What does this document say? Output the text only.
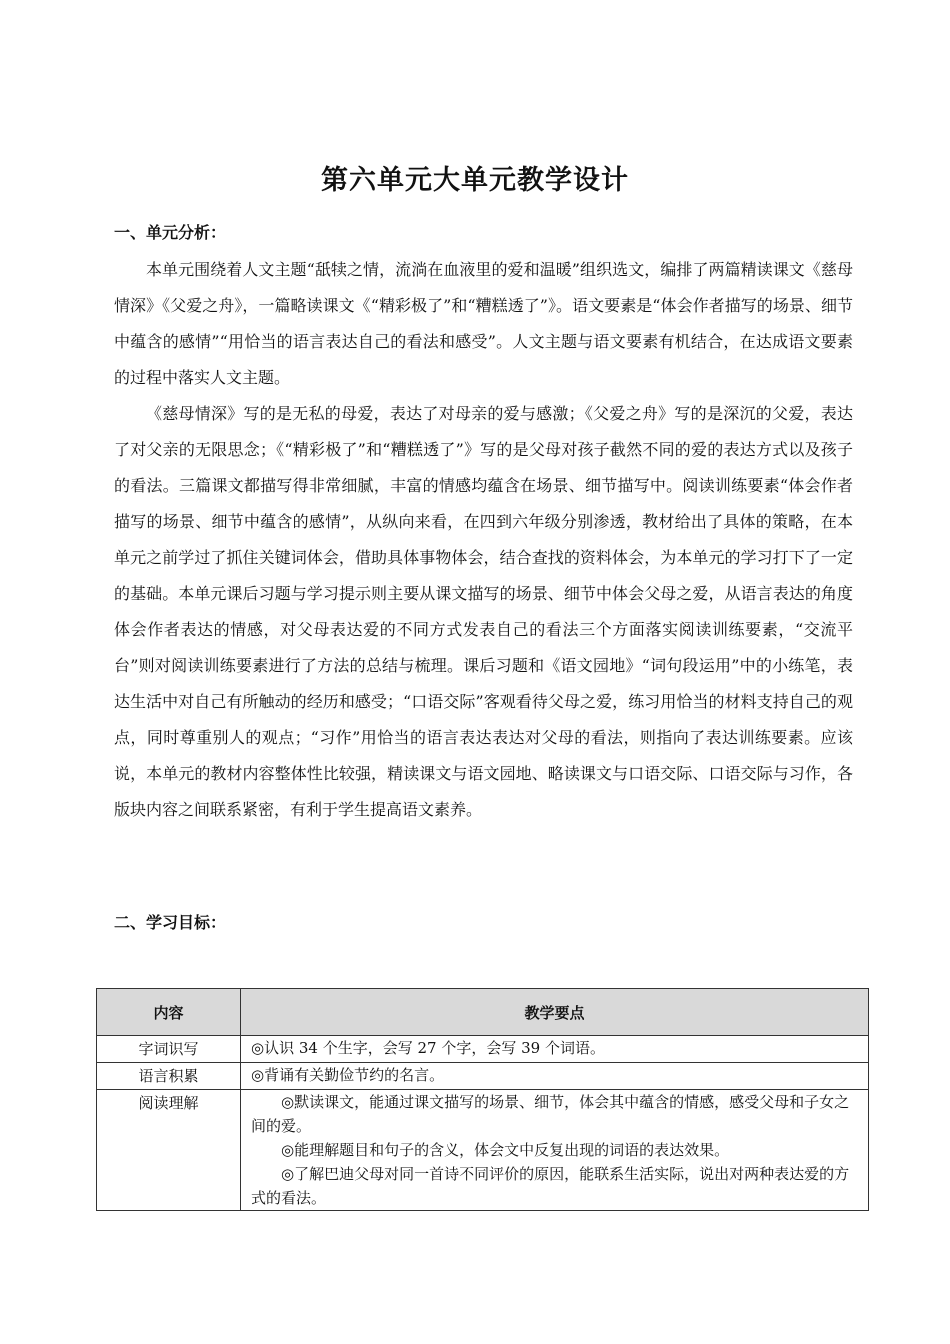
第六单元大单元教学设计
一、单元分析：

本单元围绕着人文主题“舐犊之情，流淌在血液里的爱和温暖”组织选文，编排了两篇精读课文《慈母情深》《父爱之舟》，一篇略读课文《“精彩极了”和“糟糕透了”》。语文要素是“体会作者描写的场景、细节中蕴含的感情”“用恰当的语言表达自己的看法和感受”。人文主题与语文要素有机结合，在达成语文要素的过程中落实人文主题。

《慈母情深》写的是无私的母爱，表达了对母亲的爱与感激；《父爱之舟》写的是深沉的父爱，表达了对父亲的无限思念；《“精彩极了”和“糟糕透了”》写的是父母对孩子截然不同的爱的表达方式以及孩子的看法。三篇课文都描写得非常细腻，丰富的情感均蕴含在场景、细节描写中。阅读训练要素“体会作者描写的场景、细节中蕴含的感情”，从纵向来看，在四到六年级分别渗透，教材给出了具体的策略，在本单元之前学过了抓住关键词体会，借助具体事物体会，结合查找的资料体会，为本单元的学习打下了一定的基础。本单元课后习题与学习提示则主要从课文描写的场景、细节中体会父母之爱，从语言表达的角度体会作者表达的情感，对父母表达爱的不同方式发表自己的看法三个方面落实阅读训练要素，“交流平台”则对阅读训练要素进行了方法的总结与梳理。课后习题和《语文园地》“词句段运用”中的小练笔，表达生活中对自己有所触动的经历和感受；“口语交际”客观看待父母之爱，练习用恰当的材料支持自己的观点，同时尊重别人的观点；“习作”用恰当的语言表达表达对父母的看法，则指向了表达训练要素。应该说，本单元的教材内容整体性比较强，精读课文与语文园地、略读课文与口语交际、口语交际与习作，各版块内容之间联系紧密，有利于学生提高语文素养。

二、学习目标：
内容	教学要点
字词识写	◎认识 34 个生字，会写 27 个字，会写 39 个词语。
语言积累	◎背诵有关勤俭节约的名言。
阅读理解	◎默读课文，能通过课文描写的场景、细节，体会其中蕴含的情感，感受父母和子女之间的爱。
◎能理解题目和句子的含义，体会文中反复出现的词语的表达效果。
◎了解巴迪父母对同一首诗不同评价的原因，能联系生活实际，说出对两种表达爱的方式的看法。
